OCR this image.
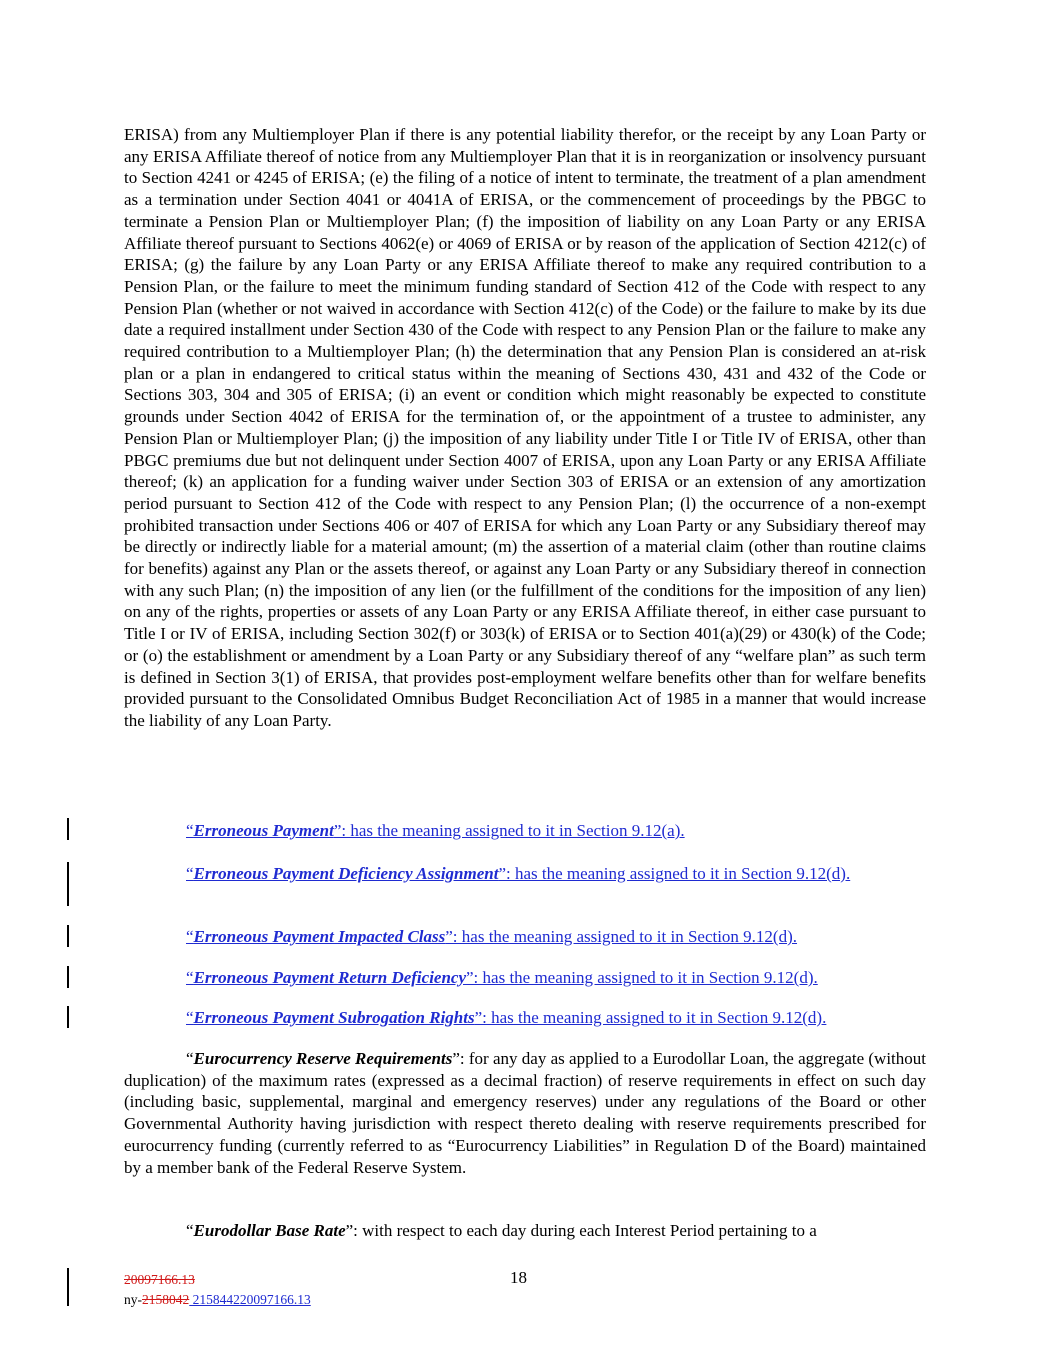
ERISA) from any Multiemployer Plan if there is any potential liability therefor, or the receipt by any Loan Party or any ERISA Affiliate thereof of notice from any Multiemployer Plan that it is in reorganization or insolvency pursuant to Section 4241 or 4245 of ERISA; (e) the filing of a notice of intent to terminate, the treatment of a plan amendment as a termination under Section 4041 or 4041A of ERISA, or the commencement of proceedings by the PBGC to terminate a Pension Plan or Multiemployer Plan; (f) the imposition of liability on any Loan Party or any ERISA Affiliate thereof pursuant to Sections 4062(e) or 4069 of ERISA or by reason of the application of Section 4212(c) of ERISA; (g) the failure by any Loan Party or any ERISA Affiliate thereof to make any required contribution to a Pension Plan, or the failure to meet the minimum funding standard of Section 412 of the Code with respect to any Pension Plan (whether or not waived in accordance with Section 412(c) of the Code) or the failure to make by its due date a required installment under Section 430 of the Code with respect to any Pension Plan or the failure to make any required contribution to a Multiemployer Plan; (h) the determination that any Pension Plan is considered an at-risk plan or a plan in endangered to critical status within the meaning of Sections 430, 431 and 432 of the Code or Sections 303, 304 and 305 of ERISA; (i) an event or condition which might reasonably be expected to constitute grounds under Section 4042 of ERISA for the termination of, or the appointment of a trustee to administer, any Pension Plan or Multiemployer Plan; (j) the imposition of any liability under Title I or Title IV of ERISA, other than PBGC premiums due but not delinquent under Section 4007 of ERISA, upon any Loan Party or any ERISA Affiliate thereof; (k) an application for a funding waiver under Section 303 of ERISA or an extension of any amortization period pursuant to Section 412 of the Code with respect to any Pension Plan; (l) the occurrence of a non-exempt prohibited transaction under Sections 406 or 407 of ERISA for which any Loan Party or any Subsidiary thereof may be directly or indirectly liable for a material amount; (m) the assertion of a material claim (other than routine claims for benefits) against any Plan or the assets thereof, or against any Loan Party or any Subsidiary thereof in connection with any such Plan; (n) the imposition of any lien (or the fulfillment of the conditions for the imposition of any lien) on any of the rights, properties or assets of any Loan Party or any ERISA Affiliate thereof, in either case pursuant to Title I or IV of ERISA, including Section 302(f) or 303(k) of ERISA or to Section 401(a)(29) or 430(k) of the Code; or (o) the establishment or amendment by a Loan Party or any Subsidiary thereof of any “welfare plan” as such term is defined in Section 3(1) of ERISA, that provides post-employment welfare benefits other than for welfare benefits provided pursuant to the Consolidated Omnibus Budget Reconciliation Act of 1985 in a manner that would increase the liability of any Loan Party.
“Erroneous Payment”: has the meaning assigned to it in Section 9.12(a).
“Erroneous Payment Deficiency Assignment”: has the meaning assigned to it in Section 9.12(d).
“Erroneous Payment Impacted Class”: has the meaning assigned to it in Section 9.12(d).
“Erroneous Payment Return Deficiency”: has the meaning assigned to it in Section 9.12(d).
“Erroneous Payment Subrogation Rights”: has the meaning assigned to it in Section 9.12(d).
“Eurocurrency Reserve Requirements”: for any day as applied to a Eurodollar Loan, the aggregate (without duplication) of the maximum rates (expressed as a decimal fraction) of reserve requirements in effect on such day (including basic, supplemental, marginal and emergency reserves) under any regulations of the Board or other Governmental Authority having jurisdiction with respect thereto dealing with reserve requirements prescribed for eurocurrency funding (currently referred to as “Eurocurrency Liabilities” in Regulation D of the Board) maintained by a member bank of the Federal Reserve System.
“Eurodollar Base Rate”: with respect to each day during each Interest Period pertaining to a
20097166.13
ny-2158042 215844220097166.13
18
